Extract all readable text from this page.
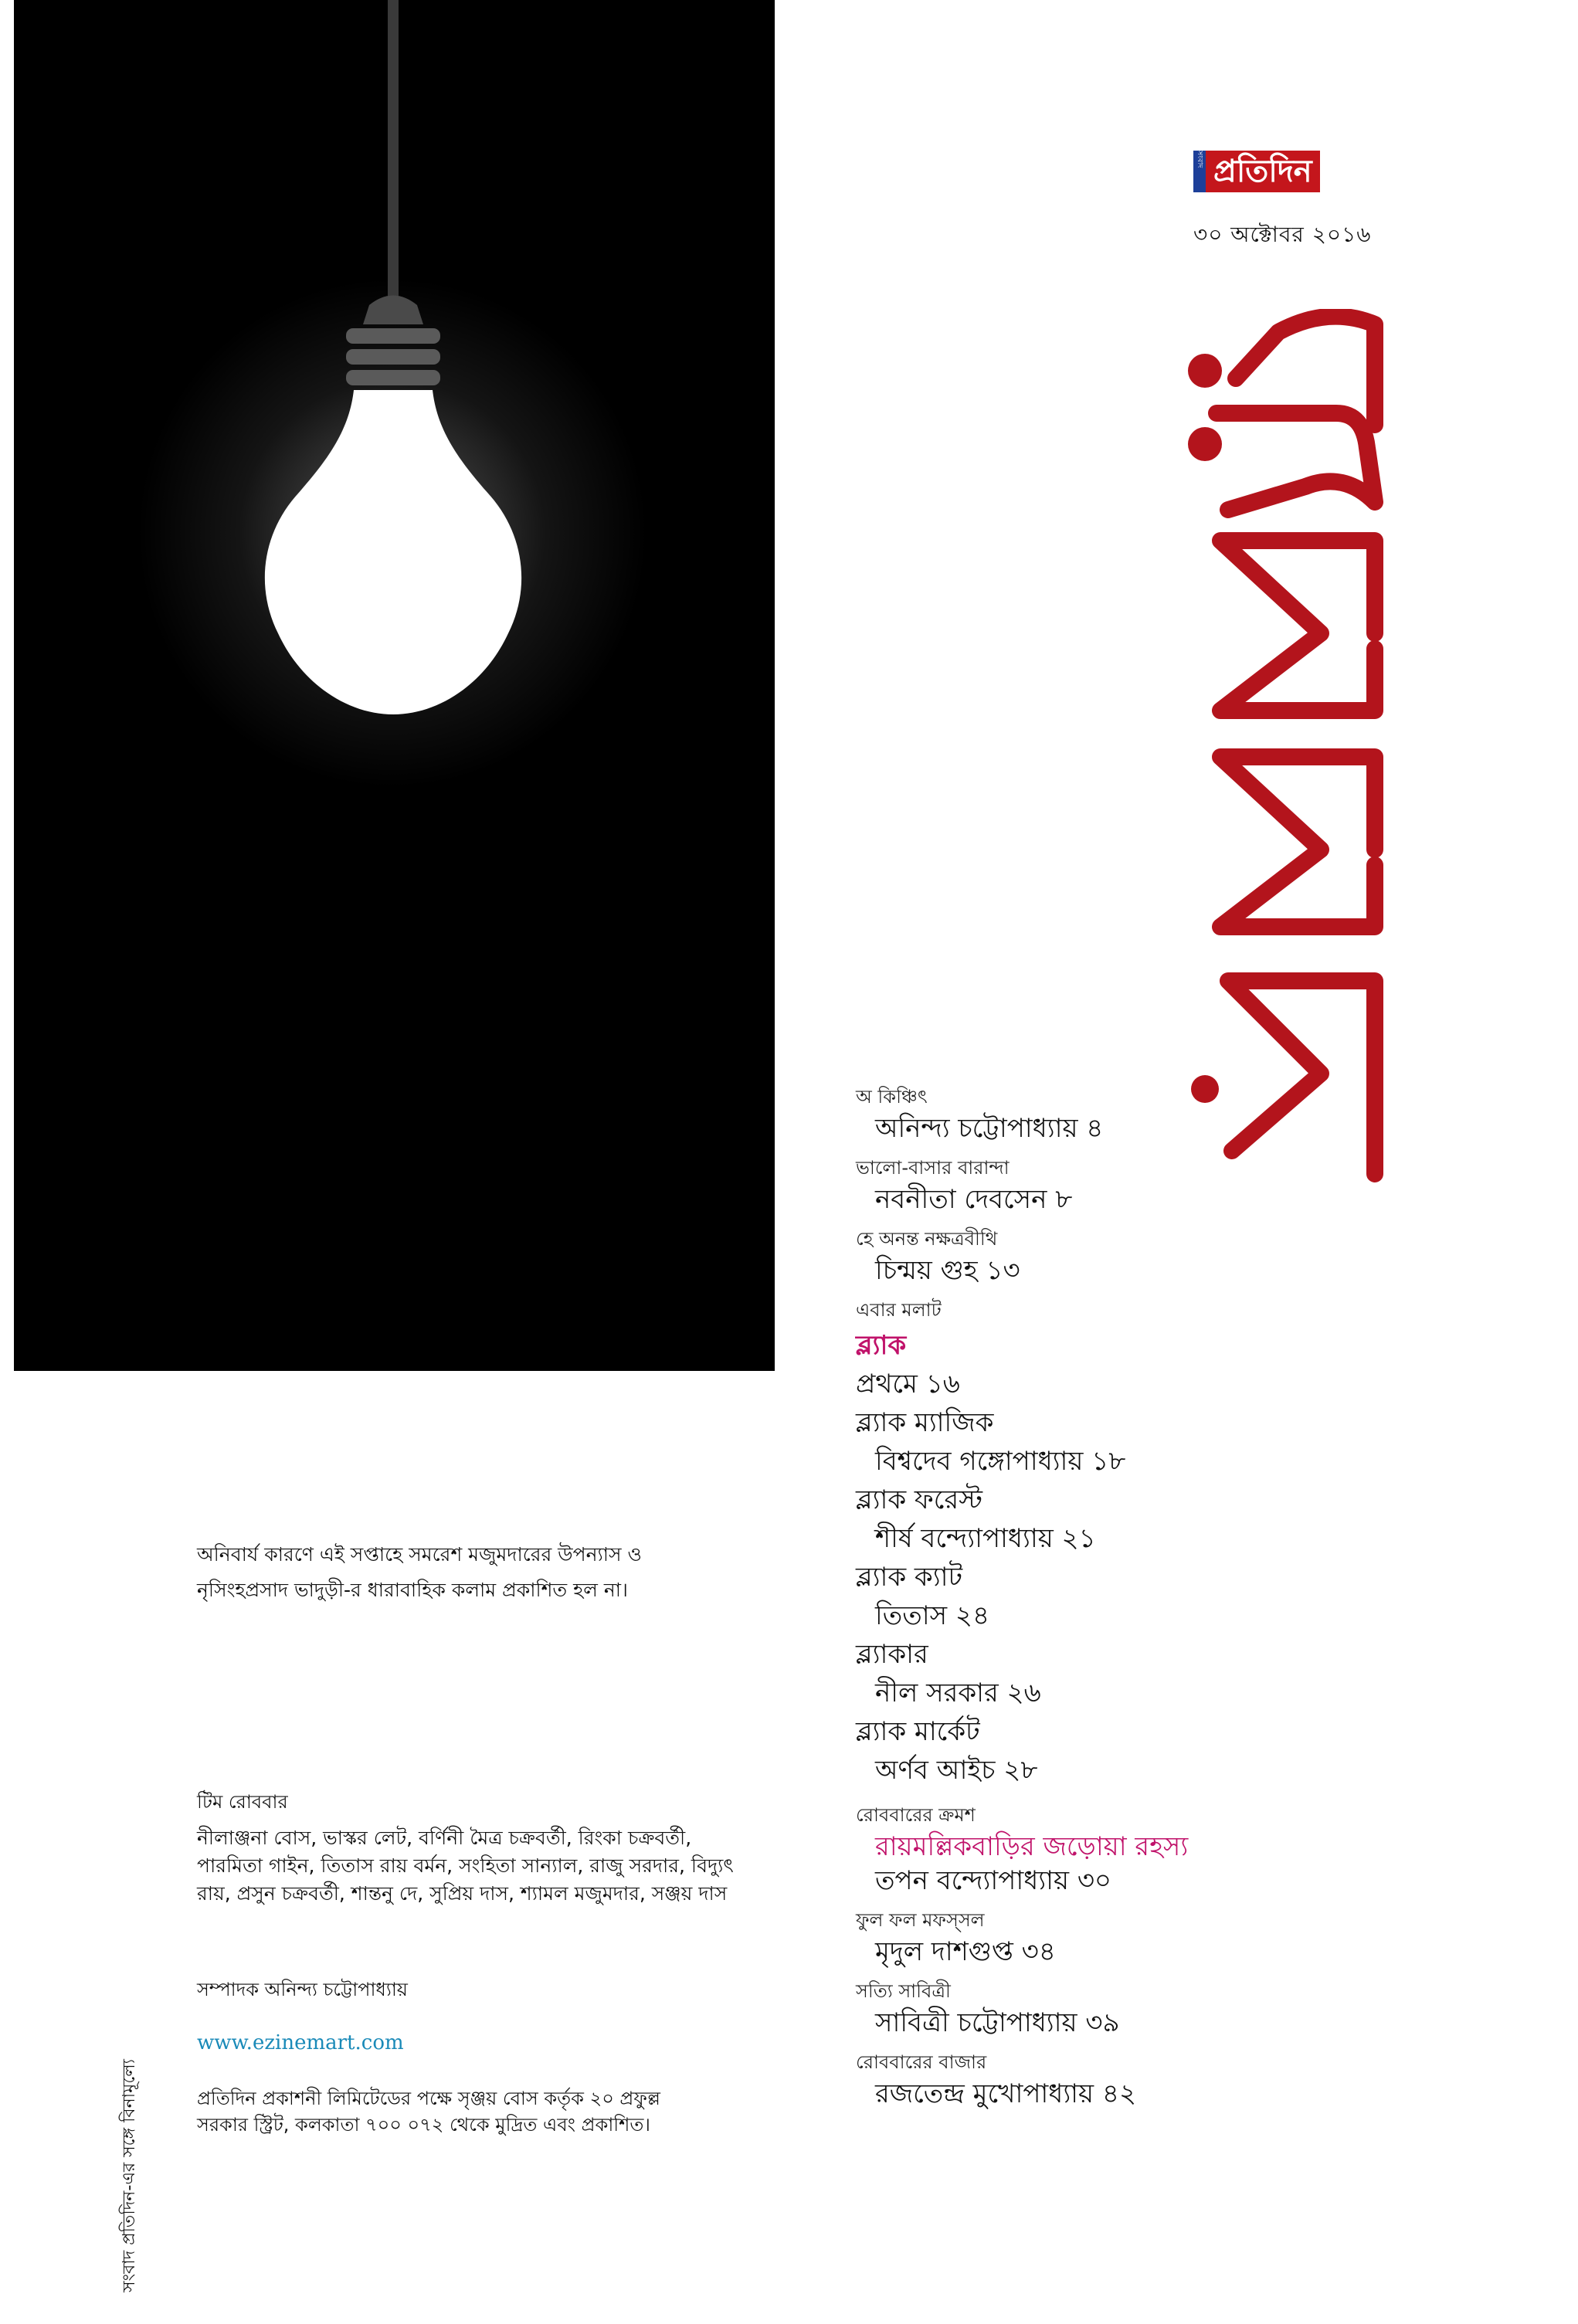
সংবাদ প্রতিদিন
৩০ অক্টোবর ২০১৬

অ কিঞ্চিৎ

অনিন্দ্য চট্টোপাধ্যায় ৪

ভালো-বাসার বারান্দা

নবনীতা দেবসেন ৮

হে অনন্ত নক্ষত্রবীথি

চিন্ময় গুহ ১৩

এবার মলাট

ব্ল্যাক

প্রথমে ১৬

ব্ল্যাক ম্যাজিক

বিশ্বদেব গঙ্গোপাধ্যায় ১৮

ব্ল্যাক ফরেস্ট

শীর্ষ বন্দ্যোপাধ্যায় ২১

ব্ল্যাক ক্যাট

তিতাস ২৪

ব্ল্যাকার

নীল সরকার ২৬

ব্ল্যাক মার্কেট

অর্ণব আইচ ২৮

রোববারের ক্রমশ

রায়মল্লিকবাড়ির জড়োয়া রহস্য

তপন বন্দ্যোপাধ্যায় ৩০

ফুল ফল মফস্সল

মৃদুল দাশগুপ্ত ৩৪

সত্যি সাবিত্রী

সাবিত্রী চট্টোপাধ্যায় ৩৯

রোববারের বাজার

রজতেন্দ্র মুখোপাধ্যায় ৪২

অনিবার্য কারণে এই সপ্তাহে সমরেশ মজুমদারের উপন্যাস ও নৃসিংহপ্রসাদ ভাদুড়ী-র ধারাবাহিক কলাম প্রকাশিত হল না।
টিম রোববার
নীলাঞ্জনা বোস, ভাস্কর লেট, বর্ণিনী মৈত্র চক্রবর্তী, রিংকা চক্রবর্তী, পারমিতা গাইন, তিতাস রায় বর্মন, সংহিতা সান্যাল, রাজু সরদার, বিদ্যুৎ রায়, প্রসুন চক্রবর্তী, শান্তনু দে, সুপ্রিয় দাস, শ্যামল মজুমদার, সঞ্জয় দাস
সম্পাদক অনিন্দ্য চট্টোপাধ্যায়
www.ezinemart.com
প্রতিদিন প্রকাশনী লিমিটেডের পক্ষে সৃঞ্জয় বোস কর্তৃক ২০ প্রফুল্ল সরকার স্ট্রিট, কলকাতা ৭০০ ০৭২ থেকে মুদ্রিত এবং প্রকাশিত।
সংবাদ প্রতিদিন-এর সঙ্গে বিনামূল্যে
